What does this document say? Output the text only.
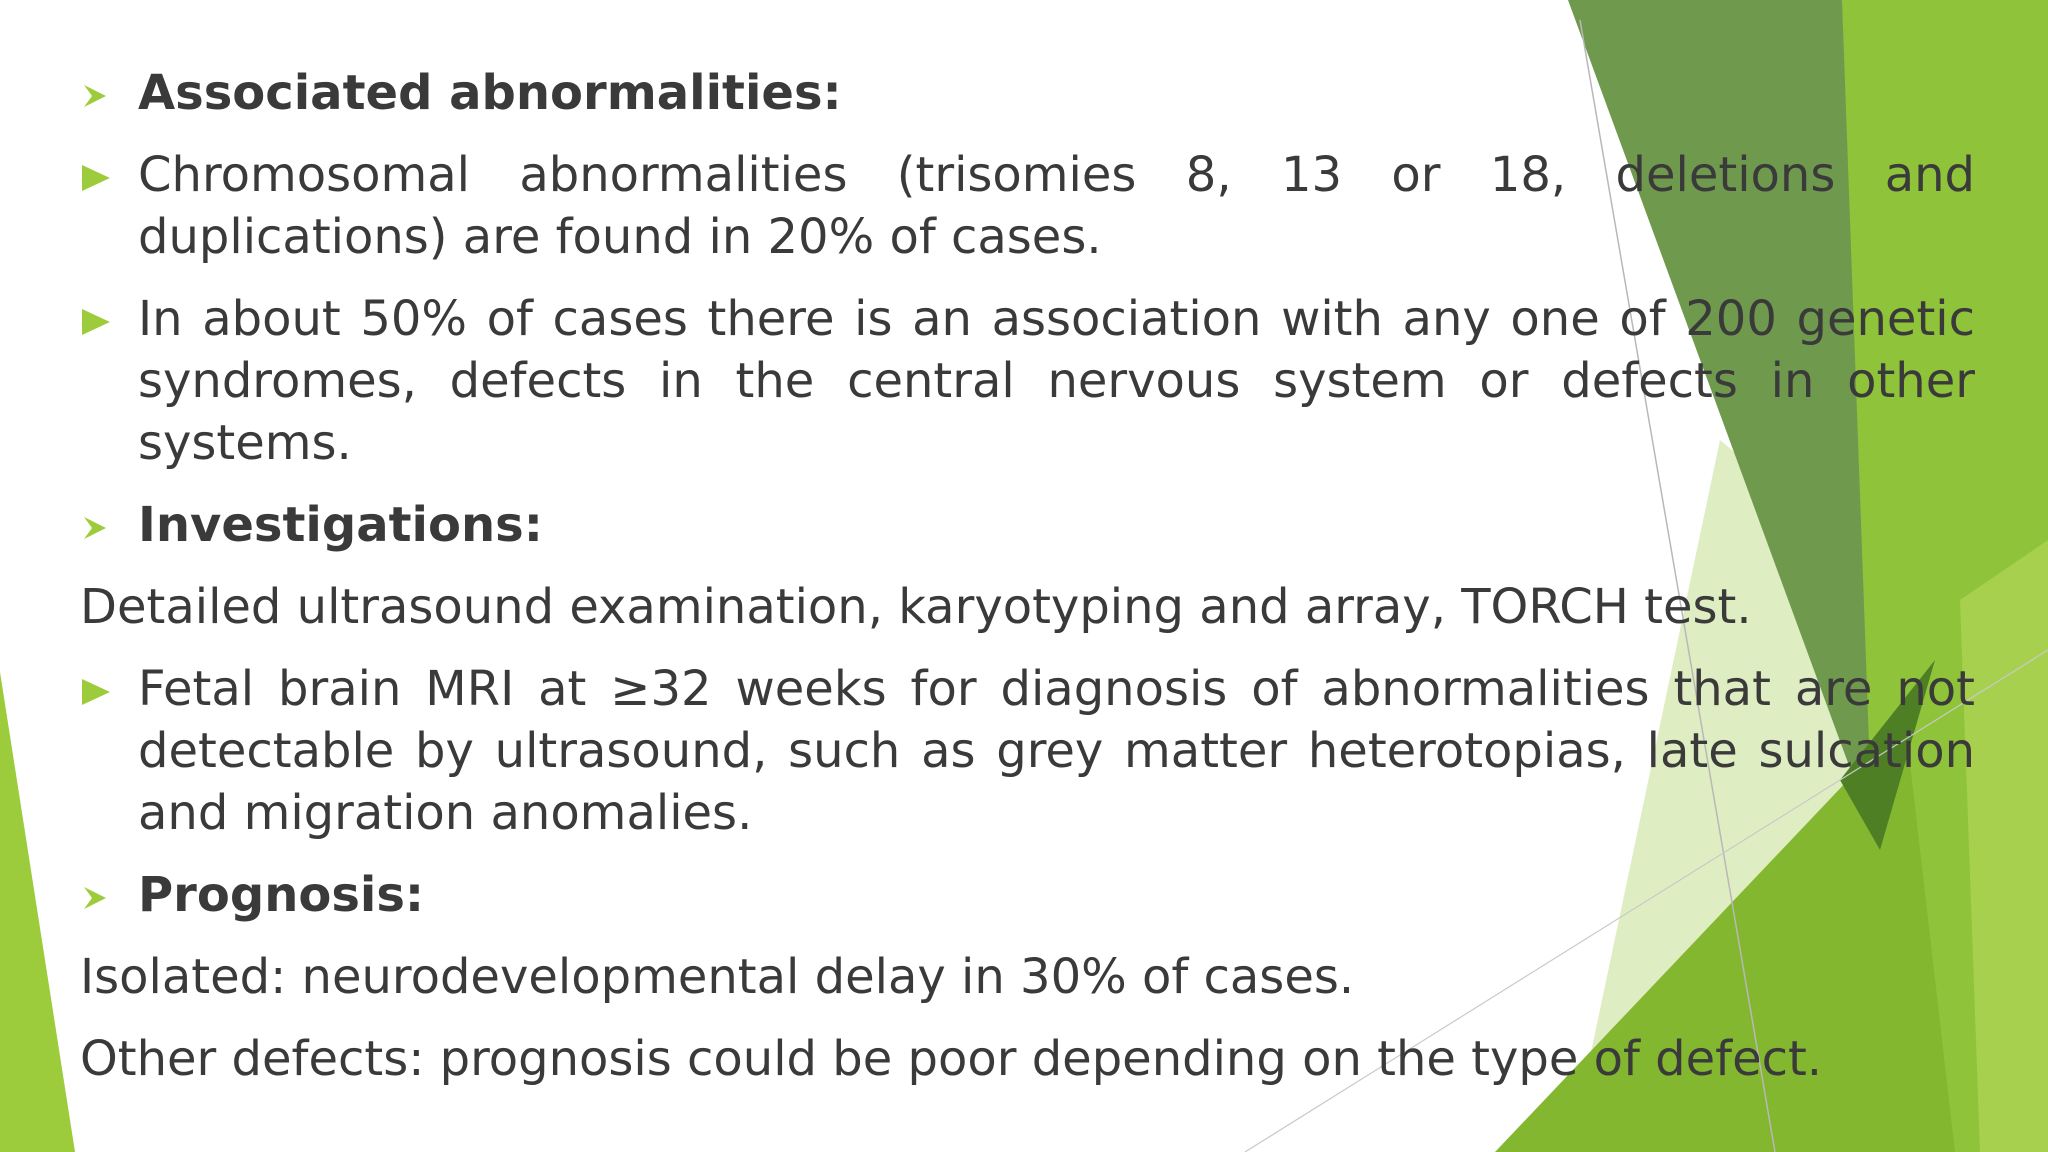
Associated abnormalities:
Chromosomal abnormalities (trisomies 8, 13 or 18, deletions and duplications) are found in 20% of cases.
In about 50% of cases there is an association with any one of 200 genetic syndromes, defects in the central nervous system or defects in other systems.
Investigations:
Detailed ultrasound examination, karyotyping and array, TORCH test.
Fetal brain MRI at ≥32 weeks for diagnosis of abnormalities that are not detectable by ultrasound, such as grey matter heterotopias, late sulcation and migration anomalies.
Prognosis:
Isolated: neurodevelopmental delay in 30% of cases.
Other defects: prognosis could be poor depending on the type of defect.
